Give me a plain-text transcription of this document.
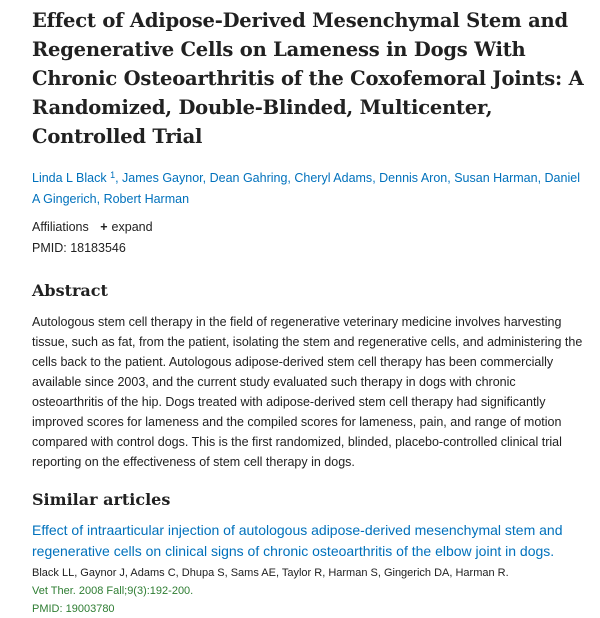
Effect of Adipose-Derived Mesenchymal Stem and Regenerative Cells on Lameness in Dogs With Chronic Osteoarthritis of the Coxofemoral Joints: A Randomized, Double-Blinded, Multicenter, Controlled Trial
Linda L Black $^1$, James Gaynor, Dean Gahring, Cheryl Adams, Dennis Aron, Susan Harman, Daniel A Gingerich, Robert Harman
Affiliations + expand
PMID: 18183546
Abstract
Autologous stem cell therapy in the field of regenerative veterinary medicine involves harvesting tissue, such as fat, from the patient, isolating the stem and regenerative cells, and administering the cells back to the patient. Autologous adipose-derived stem cell therapy has been commercially available since 2003, and the current study evaluated such therapy in dogs with chronic osteoarthritis of the hip. Dogs treated with adipose-derived stem cell therapy had significantly improved scores for lameness and the compiled scores for lameness, pain, and range of motion compared with control dogs. This is the first randomized, blinded, placebo-controlled clinical trial reporting on the effectiveness of stem cell therapy in dogs.
Similar articles
Effect of intraarticular injection of autologous adipose-derived mesenchymal stem and regenerative cells on clinical signs of chronic osteoarthritis of the elbow joint in dogs.
Black LL, Gaynor J, Adams C, Dhupa S, Sams AE, Taylor R, Harman S, Gingerich DA, Harman R.
Vet Ther. 2008 Fall;9(3):192-200.
PMID: 19003780
